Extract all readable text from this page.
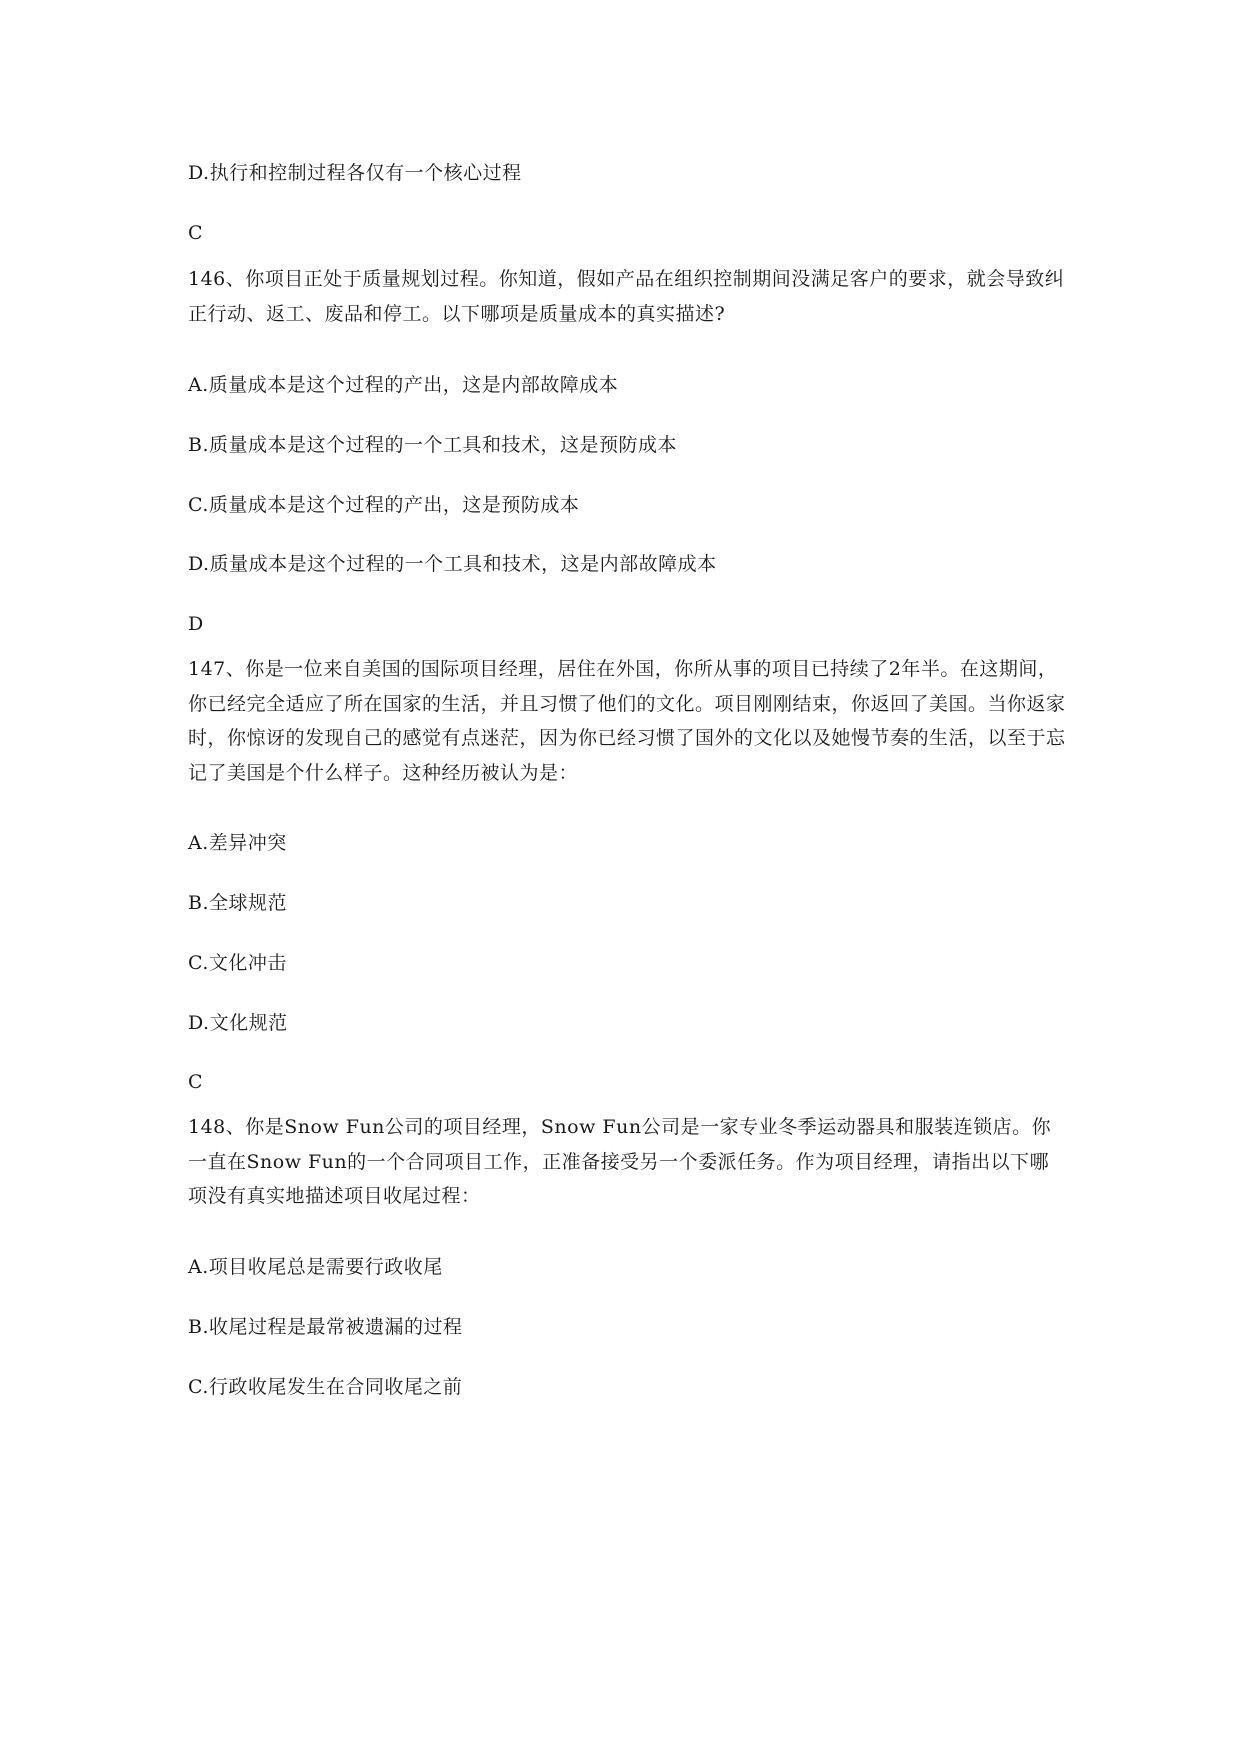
D.执行和控制过程各仅有一个核心过程
C
146、你项目正处于质量规划过程。你知道，假如产品在组织控制期间没满足客户的要求，就会导致纠正行动、返工、废品和停工。以下哪项是质量成本的真实描述?
A.质量成本是这个过程的产出，这是内部故障成本
B.质量成本是这个过程的一个工具和技术，这是预防成本
C.质量成本是这个过程的产出，这是预防成本
D.质量成本是这个过程的一个工具和技术，这是内部故障成本
D
147、你是一位来自美国的国际项目经理，居住在外国，你所从事的项目已持续了2年半。在这期间，你已经完全适应了所在国家的生活，并且习惯了他们的文化。项目刚刚结束，你返回了美国。当你返家时，你惊讶的发现自己的感觉有点迷茫，因为你已经习惯了国外的文化以及她慢节奏的生活，以至于忘记了美国是个什么样子。这种经历被认为是：
A.差异冲突
B.全球规范
C.文化冲击
D.文化规范
C
148、你是Snow Fun公司的项目经理，Snow Fun公司是一家专业冬季运动器具和服装连锁店。你一直在Snow Fun的一个合同项目工作，正准备接受另一个委派任务。作为项目经理，请指出以下哪项没有真实地描述项目收尾过程：
A.项目收尾总是需要行政收尾
B.收尾过程是最常被遗漏的过程
C.行政收尾发生在合同收尾之前
